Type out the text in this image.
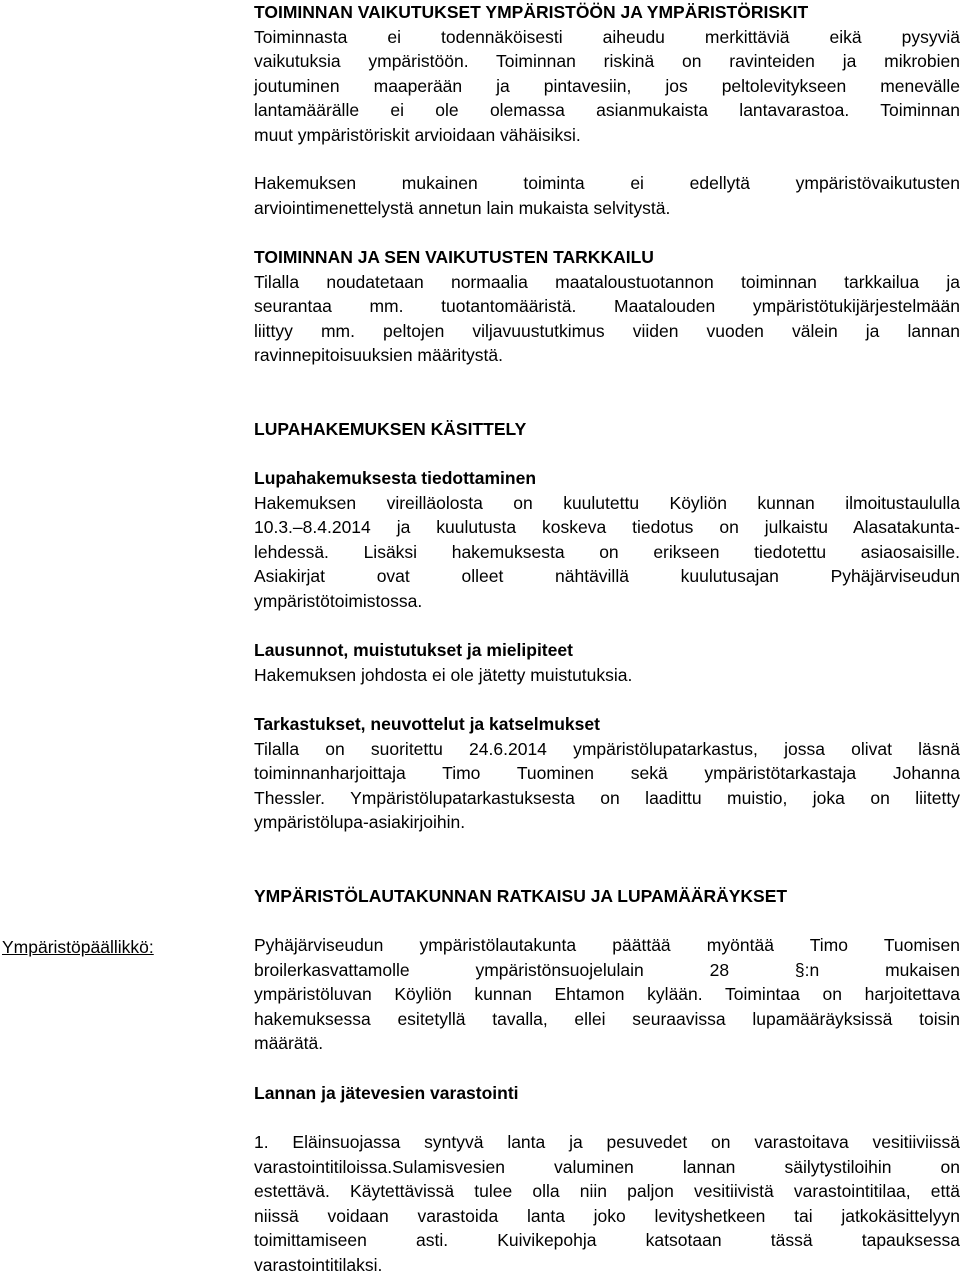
TOIMINNAN VAIKUTUKSET YMPÄRISTÖÖN JA YMPÄRISTÖRISKIT

Toiminnasta ei todennäköisesti aiheudu merkittäviä eikä pysyviä
vaikutuksia ympäristöön. Toiminnan riskinä on ravinteiden ja mikrobien
joutuminen maaperään ja pintavesiin, jos peltolevitykseen menevälle
lantamäärälle ei ole olemassa asianmukaista lantavarastoa. Toiminnan
muut ympäristöriskit arvioidaan vähäisiksi.

Hakemuksen mukainen toiminta ei edellytä ympäristövaikutusten
arviointimenettelystä annetun lain mukaista selvitystä.

TOIMINNAN JA SEN VAIKUTUSTEN TARKKAILU

Tilalla noudatetaan normaalia maataloustuotannon toiminnan tarkkailua ja
seurantaa mm. tuotantomääristä. Maatalouden ympäristötukijärjestelmään
liittyy mm. peltojen viljavuustutkimus viiden vuoden välein ja lannan
ravinnepitoisuuksien määritystä.

LUPAHAKEMUKSEN KÄSITTELY

Lupahakemuksesta tiedottaminen

Hakemuksen vireilläolosta on kuulutettu Köyliön kunnan ilmoitustaululla
10.3.–8.4.2014 ja kuulutusta koskeva tiedotus on julkaistu Alasatakunta-
lehdessä. Lisäksi hakemuksesta on erikseen tiedotettu asiaosaisille.
Asiakirjat ovat olleet nähtävillä kuulutusajan Pyhäjärviseudun
ympäristötoimistossa.

Lausunnot, muistutukset ja mielipiteet

Hakemuksen johdosta ei ole jätetty muistutuksia.

Tarkastukset, neuvottelut ja katselmukset

Tilalla on suoritettu 24.6.2014 ympäristölupatarkastus, jossa olivat läsnä
toiminnanharjoittaja Timo Tuominen sekä ympäristötarkastaja Johanna
Thessler. Ympäristölupatarkastuksesta on laadittu muistio, joka on liitetty
ympäristölupa-asiakirjoihin.

YMPÄRISTÖLAUTAKUNNAN RATKAISU JA LUPAMÄÄRÄYKSET

Ympäristöpäällikkö:	Pyhäjärviseudun ympäristölautakunta päättää myöntää Timo Tuomisen
broilerkasvattamolle ympäristönsuojelulain 28 §:n mukaisen
ympäristöluvan Köyliön kunnan Ehtamon kylään. Toimintaa on harjoitettava
hakemuksessa esitetyllä tavalla, ellei seuraavissa lupamääräyksissä toisin
määrätä.

Lannan ja jätevesien varastointi

1. Eläinsuojassa syntyvä lanta ja pesuvedet on varastoitava vesitiiviissä
varastointitiloissa.Sulamisvesien valuminen lannan säilytystiloihin on
estettävä. Käytettävissä tulee olla niin paljon vesitiivistä varastointitilaa, että
niissä voidaan varastoida lanta joko levityshetkeen tai jatkokäsittelyyn
toimittamiseen asti. Kuivikepohja katsotaan tässä tapauksessa
varastointitilaksi.
